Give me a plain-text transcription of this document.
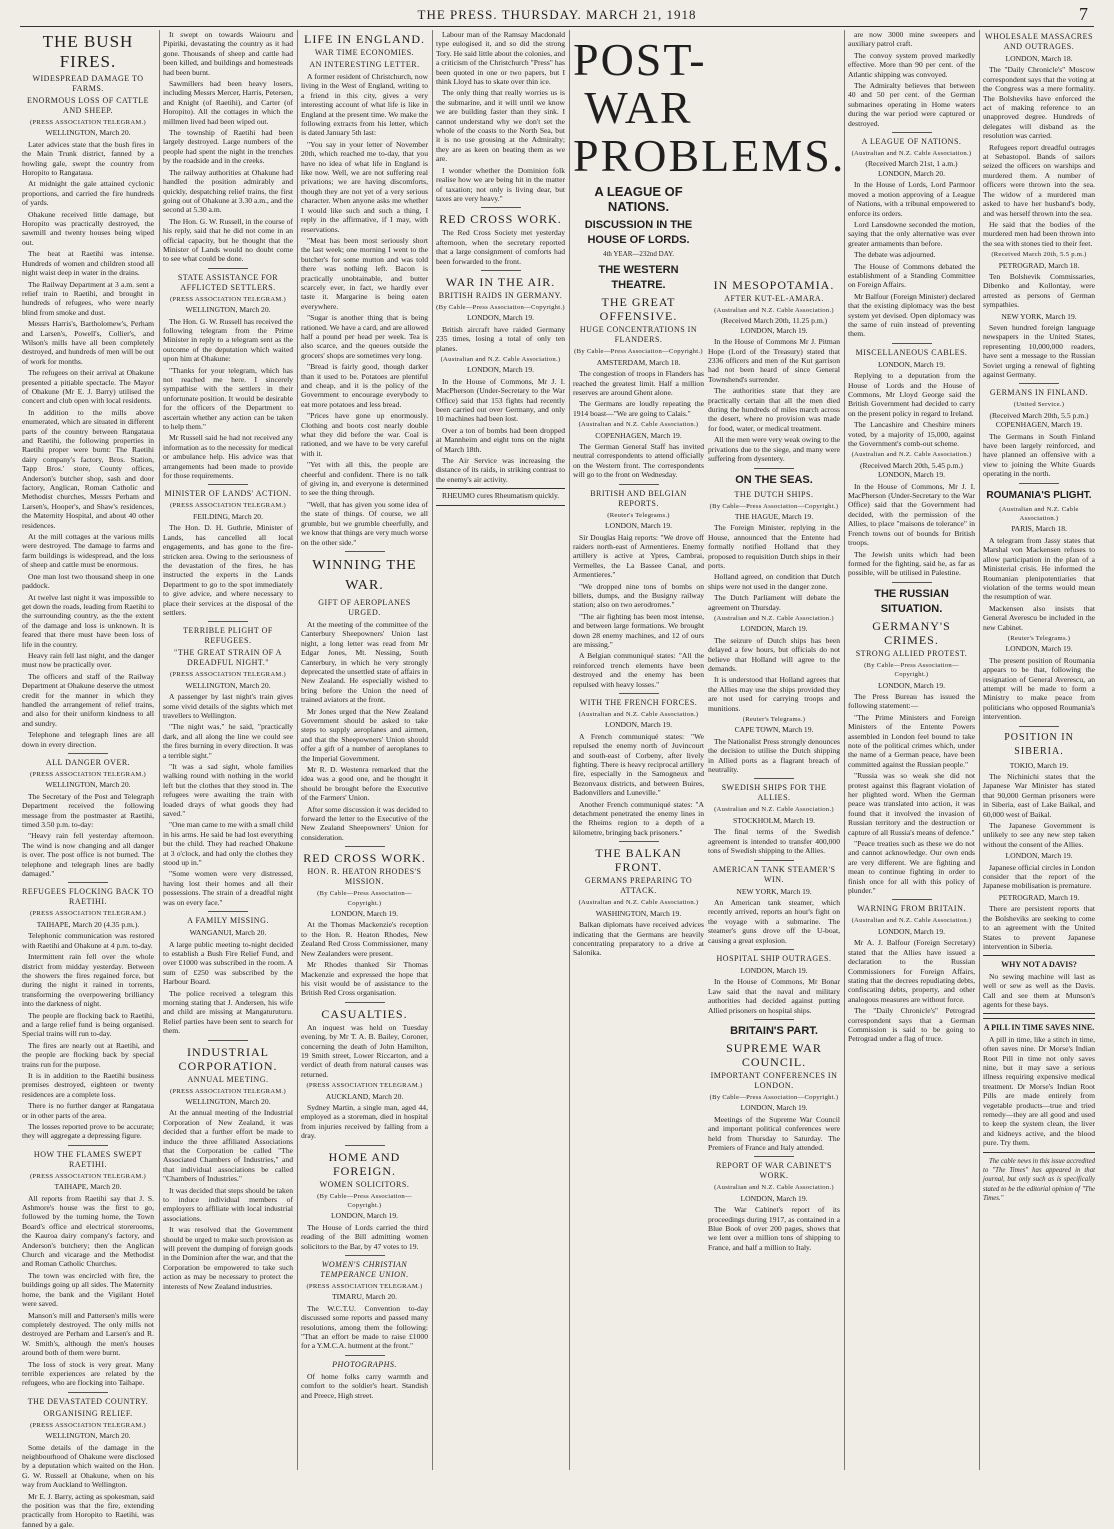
THE PRESS. THURSDAY. MARCH 21, 1918	7
THE BUSH FIRES.
WIDESPREAD DAMAGE TO FARMS.
ENORMOUS LOSS OF CATTLE AND SHEEP.
(PRESS ASSOCIATION TELEGRAM.)
WELLINGTON, March 20.

Later advices state that the bush fires in the Main Trunk district, fanned by a howling gale, swept the country from Horopito to Rangataua.

At midnight the gale attained cyclonic proportions, and carried the fire hundreds of yards.

Ohakune received little damage, but Horopito was practically destroyed, the sawmill and twenty houses being wiped out.

The heat at Raetihi was intense. Hundreds of women and children stood all night waist deep in water in the drains.

The Railway Department at 3 a.m. sent a relief train to Raetihi, and brought in hundreds of refugees, who were nearly blind from smoke and dust.

Messrs Harris's, Bartholomew's, Perham and Larsen's, Powell's, Collier's, and Wilson's mills have all been completely destroyed, and hundreds of men will be out of work for months.

The refugees on their arrival at Ohakune presented a pitiable spectacle. The Mayor of Ohakune (Mr E. J. Barry) utilised the concert and club open with local residents.

In addition to the mills above enumerated, which are situated in different parts of the country between Rangataua and Raetihi, the following properties in Raetihi proper were burnt: The Raetihi dairy company's factory, Bros. Station, Tapp Bros.' store, County offices, Anderson's butcher shop, sash and door factory, Anglican, Roman Catholic and Methodist churches, Messrs Perham and Larsen's, Hooper's, and Shaw's residences, the Maternity Hospital, and about 40 other residences.

At the mill cottages at the various mills were destroyed. The damage to farms and farm buildings is widespread, and the loss of sheep and cattle must be enormous.

One man lost two thousand sheep in one paddock.

At twelve last night it was impossible to get down the roads, leading from Raetihi to the surrounding country, as the the extent of the damage and loss is unknown. It is feared that there must have been loss of life in the country.

Heavy rain fell last night, and the danger must now be practically over.

The officers and staff of the Railway Department at Ohakune deserve the utmost credit for the manner in which they handled the arrangement of relief trains, and also for their uniform kindness to all and sundry.

Telephone and telegraph lines are all down in every direction.

ALL DANGER OVER.
(PRESS ASSOCIATION TELEGRAM.)
WELLINGTON, March 20.

The Secretary of the Post and Telegraph Department received the following message from the postmaster at Raetihi, timed 3.50 p.m. to-day:

"Heavy rain fell yesterday afternoon. The wind is now changing and all danger is over. The post office is not burned. The telephone and telegraph lines are badly damaged."

REFUGEES FLOCKING BACK TO RAETIHI.
(PRESS ASSOCIATION TELEGRAM.)
TAIHAPE, March 20 (4.35 p.m.).

Telephonic communication was restored with Raetihi and Ohakune at 4 p.m. to-day.

Intermittent rain fell over the whole district from midday yesterday. Between the showers the fires regained force, but during the night it rained in torrents, transforming the overpowering brilliancy into the darkness of night.

The people are flocking back to Raetihi, and a large relief fund is being organised. Special trains will run to-day.

The fires are nearly out at Raetihi, and the people are flocking back by special trains run for the purpose.

It is in addition to the Raetihi business premises destroyed, eighteen or twenty residences are a complete loss.

There is no further danger at Rangataua or in other parts of the area.

The losses reported prove to be accurate; they will aggregate a depressing figure.

HOW THE FLAMES SWEPT RAETIHI.
(PRESS ASSOCIATION TELEGRAM.)
TAIHAPE, March 20.

All reports from Raetihi say that J. S. Ashmore's house was the first to go, followed by the turning home, the Town Board's office and electrical storerooms, the Kauroa dairy company's factory, and Anderson's butchery; then the Anglican Church and vicarage and the Methodist and Roman Catholic Churches.

The town was encircled with fire, the buildings going up all sides. The Maternity home, the bank and the Vigilant Hotel were saved.

Manson's mill and Pattersen's mills were completely destroyed. The only mills not destroyed are Perham and Larsen's and R. W. Smith's, although the men's houses around both of them were burnt.

The loss of stock is very great. Many terrible experiences are related by the refugees, who are flocking into Taihape.

THE DEVASTATED COUNTRY.
ORGANISING RELIEF.
(PRESS ASSOCIATION TELEGRAM.)
WELLINGTON, March 20.

Some details of the damage in the neighbourhood of Ohakune were disclosed by a deputation which waited on the Hon. G. W. Russell at Ohakune, when on his way from Auckland to Wellington.

Mr E. J. Barry, acting as spokesman, said the position was that the fire, extending practically from Horopito to Raetihi, was fanned by a gale.

It swept on towards Waiouru and Pipiriki, devastating the country as it had gone. Thousands of sheep and cattle had been killed, and buildings and homesteads had been burnt.

Sawmillers had been heavy losers, including Messrs Mercer, Harris, Petersen, and Knight (of Raetihi), and Carter (of Horopito). All the cottages in which the millmen lived had been wiped out.

The township of Raetihi had been largely destroyed. Large numbers of the people had spent the night in the trenches by the roadside and in the creeks.

The railway authorities at Ohakune had handled the position admirably and quickly, despatching relief trains, the first going out of Ohakune at 3.30 a.m., and the second at 5.30 a.m.

The Hon. G. W. Russell, in the course of his reply, said that he did not come in an official capacity, but he thought that the Minister of Lands would no doubt come to see what could be done.

STATE ASSISTANCE FOR AFFLICTED SETTLERS.
(PRESS ASSOCIATION TELEGRAM.)
WELLINGTON, March 20.

The Hon. G. W. Russell has received the following telegram from the Prime Minister in reply to a telegram sent as the outcome of the deputation which waited upon him at Ohakune:

"Thanks for your telegram, which has not reached me here. I sincerely sympathise with the settlers in their unfortunate position. It would be desirable for the officers of the Department to ascertain whether any action can be taken to help them."

Mr Russell said he had not received any information as to the necessity for medical or ambulance help. His advice was that arrangements had been made to provide for those requirements.

MINISTER OF LANDS' ACTION.
(PRESS ASSOCIATION TELEGRAM.)
FEILDING, March 20.

The Hon. D. H. Guthrie, Minister of Lands, has cancelled all local engagements, and has gone to the fire-stricken area. Owing to the seriousness of the devastation of the fires, he has instructed the experts in the Lands Department to go to the spot immediately to give advice, and where necessary to place their services at the disposal of the settlers.

TERRIBLE PLIGHT OF REFUGEES.
"THE GREAT STRAIN OF A DREADFUL NIGHT."
(PRESS ASSOCIATION TELEGRAM.)
WELLINGTON, March 20.

A passenger by last night's train gives some vivid details of the sights which met travellers to Wellington.

"The night was," he said, "practically dark, and all along the line we could see the fires burning in every direction. It was a terrible sight."

"It was a sad sight, whole families walking round with nothing in the world left but the clothes that they stood in. The refugees were awaiting the train with loaded drays of what goods they had saved."

"One man came to me with a small child in his arms. He said he had lost everything but the child. They had reached Ohakune at 3 o'clock, and had only the clothes they stood up in."

"Some women were very distressed, having lost their homes and all their possessions. The strain of a dreadful night was on every face."

A FAMILY MISSING.
WANGANUI, March 20.

A large public meeting to-night decided to establish a Bush Fire Relief Fund, and over £1000 was subscribed in the room. A sum of £250 was subscribed by the Harbour Board.

The police received a telegram this morning stating that J. Andersen, his wife and child are missing at Mangaturuturu. Relief parties have been sent to search for them.

INDUSTRIAL CORPORATION.
ANNUAL MEETING.
(PRESS ASSOCIATION TELEGRAM.)
WELLINGTON, March 20.

At the annual meeting of the Industrial Corporation of New Zealand, it was decided that a further effort be made to induce the three affiliated Associations that the Corporation be called "The Associated Chambers of Industries," and that individual associations be called "Chambers of Industries."

It was decided that steps should be taken to induce individual members of employers to affiliate with local industrial associations.

It was resolved that the Government should be urged to make such provision as will prevent the dumping of foreign goods in the Dominion after the war, and that the Corporation be empowered to take such action as may be necessary to protect the interests of New Zealand industries.

LIFE IN ENGLAND.
WAR TIME ECONOMIES.
AN INTERESTING LETTER.

A former resident of Christchurch, now living in the West of England, writing to a friend in this city, gives a very interesting account of what life is like in England at the present time. We make the following extracts from his letter, which is dated January 5th last:

"You say in your letter of November 20th, which reached me to-day, that you have no idea of what life in England is like now. Well, we are not suffering real privations; we are having discomforts, though they are not yet of a very serious character. When anyone asks me whether I would like such and such a thing, I reply in the affirmative, if I may, with reservations.

"Meat has been most seriously short the last week; one morning I went to the butcher's for some mutton and was told there was nothing left. Bacon is practically unobtainable, and butter scarcely ever, in fact, we hardly ever taste it. Margarine is being eaten everywhere.

"Sugar is another thing that is being rationed. We have a card, and are allowed half a pound per head per week. Tea is also scarce, and the queues outside the grocers' shops are sometimes very long.

"Bread is fairly good, though darker than it used to be. Potatoes are plentiful and cheap, and it is the policy of the Government to encourage everybody to eat more potatoes and less bread.

"Prices have gone up enormously. Clothing and boots cost nearly double what they did before the war. Coal is rationed, and we have to be very careful with it.

"Yet with all this, the people are cheerful and confident. There is no talk of giving in, and everyone is determined to see the thing through.

"Well, that has given you some idea of the state of things. Of course, we all grumble, but we grumble cheerfully, and we know that things are very much worse on the other side."

WINNING THE WAR.
GIFT OF AEROPLANES URGED.

At the meeting of the committee of the Canterbury Sheepowners' Union last night, a long letter was read from Mr Edgar Jones, Mt. Nessing, South Canterbury, in which he very strongly deprecated the unsettled state of affairs in New Zealand. He especially wished to bring before the Union the need of trained aviators at the front.

Mr Jones urged that the New Zealand Government should be asked to take steps to supply aeroplanes and airmen, and that the Sheepowners' Union should offer a gift of a number of aeroplanes to the Imperial Government.

Mr R. D. Westenra remarked that the idea was a good one, and he thought it should be brought before the Executive of the Farmers' Union.

After some discussion it was decided to forward the letter to the Executive of the New Zealand Sheepowners' Union for consideration.

RED CROSS WORK.
HON. R. HEATON RHODES'S MISSION.
(By Cable—Press Association—Copyright.)
LONDON, March 19.

At the Thomas Mackenzie's reception to the Hon. R. Heaton Rhodes, New Zealand Red Cross Commissioner, many New Zealanders were present.

Mr Rhodes thanked Sir Thomas Mackenzie and expressed the hope that his visit would be of assistance to the British Red Cross organisation.

CASUALTIES.

An inquest was held on Tuesday evening, by Mr T. A. B. Bailey, Coroner, concerning the death of John Hamilton, 19 Smith street, Lower Riccarton, and a verdict of death from natural causes was returned.

(PRESS ASSOCIATION TELEGRAM.)
AUCKLAND, March 20.

Sydney Martin, a single man, aged 44, employed as a storeman, died in hospital from injuries received by falling from a dray.

HOME AND FOREIGN.
WOMEN SOLICITORS.
(By Cable—Press Association—Copyright.)
LONDON, March 19.

The House of Lords carried the third reading of the Bill admitting women solicitors to the Bar, by 47 votes to 19.

WOMEN'S CHRISTIAN TEMPERANCE UNION.
(PRESS ASSOCIATION TELEGRAM.)
TIMARU, March 20.

The W.C.T.U. Convention to-day discussed some reports and passed many resolutions, among them the following: "That an effort be made to raise £1000 for a Y.M.C.A. hutment at the front."

PHOTOGRAPHS.

Of home folks carry warmth and comfort to the soldier's heart. Standish and Preece, High street.

Labour man of the Ramsay Macdonald type eulogised it, and so did the strong Tory. He said little about the colonies, and a criticism of the Christchurch "Press" has been quoted in one or two papers, but I think Lloyd has to skate over thin ice.

The only thing that really worries us is the submarine, and it will until we know we are building faster than they sink. I cannot understand why we don't set the whole of the coasts to the North Sea, but it is no use grousing at the Admiralty; they are as keen on beating them as we are.

I wonder whether the Dominion folk realise how we are being hit in the matter of taxation; not only is living dear, but taxes are very heavy."

RED CROSS WORK.

The Red Cross Society met yesterday afternoon, when the secretary reported that a large consignment of comforts had been forwarded to the front.

WAR IN THE AIR.
BRITISH RAIDS IN GERMANY.
(By Cable—Press Association—Copyright.)
LONDON, March 19.

British aircraft have raided Germany 235 times, losing a total of only ten planes.

(Australian and N.Z. Cable Association.)
LONDON, March 19.

In the House of Commons, Mr J. I. MacPherson (Under-Secretary to the War Office) said that 153 fights had recently been carried out over Germany, and only 10 machines had been lost.

Over a ton of bombs had been dropped at Mannheim and eight tons on the night of March 18th.

The Air Service was increasing the distance of its raids, in striking contrast to the enemy's air activity.

RHEUMO cures Rheumatism quickly.

POST-WAR PROBLEMS.
A LEAGUE OF NATIONS.
DISCUSSION IN THE HOUSE OF LORDS.
4th YEAR—232nd DAY.
THE WESTERN THEATRE.
THE GREAT OFFENSIVE.
HUGE CONCENTRATIONS IN FLANDERS.
(By Cable—Press Association—Copyright.)
AMSTERDAM, March 18.

The congestion of troops in Flanders has reached the greatest limit. Half a million reserves are around Ghent alone.

The Germans are loudly repeating the 1914 boast—"We are going to Calais."

(Australian and N.Z. Cable Association.)
COPENHAGEN, March 19.

The German General Staff has invited neutral correspondents to attend officially on the Western front. The correspondents will go to the front on Wednesday.

BRITISH AND BELGIAN REPORTS.
(Reuter's Telegrams.)
LONDON, March 19.

Sir Douglas Haig reports: "We drove off raiders north-east of Armentieres. Enemy artillery is active at Ypres, Cambrai, Vermelles, the La Bassee Canal, and Armentieres."

"We dropped nine tons of bombs on billets, dumps, and the Busigny railway station; also on two aerodromes."

"The air fighting has been most intense, and between large formations. We brought down 28 enemy machines, and 12 of ours are missing."

A Belgian communiqué states: "All the reinforced trench elements have been destroyed and the enemy has been repulsed with heavy losses."

WITH THE FRENCH FORCES.
(Australian and N.Z. Cable Association.)
LONDON, March 19.

A French communiqué states: "We repulsed the enemy north of Juvincourt and south-east of Corbeny, after lively fighting. There is heavy reciprocal artillery fire, especially in the Samogneux and Bezonvaux districts, and between Buires, Badonvillers and Luneville."

Another French communiqué states: "A detachment penetrated the enemy lines in the Rheims region to a depth of a kilometre, bringing back prisoners."

THE BALKAN FRONT.
GERMANS PREPARING TO ATTACK.
(Australian and N.Z. Cable Association.)
WASHINGTON, March 19.

Balkan diplomats have received advices indicating that the Germans are heavily concentrating preparatory to a drive at Salonika.

IN MESOPOTAMIA.
AFTER KUT-EL-AMARA.
(Australian and N.Z. Cable Association.)
(Received March 20th, 11.25 p.m.) LONDON, March 19.

In the House of Commons Mr J. Pitman Hope (Lord of the Treasury) stated that 2336 officers and men of the Kut garrison had not been heard of since General Townshend's surrender.

The authorities state that they are practically certain that all the men died during the hundreds of miles march across the desert, where no provision was made for food, water, or medical treatment.

All the men were very weak owing to the privations due to the siege, and many were suffering from dysentery.

ON THE SEAS.
THE DUTCH SHIPS.
(By Cable—Press Association—Copyright.)
THE HAGUE, March 19.

The Foreign Minister, replying in the House, announced that the Entente had formally notified Holland that they proposed to requisition Dutch ships in their ports.

Holland agreed, on condition that Dutch ships were not used in the danger zone.

The Dutch Parliament will debate the agreement on Thursday.

(Australian and N.Z. Cable Association.)
LONDON, March 19.

The seizure of Dutch ships has been delayed a few hours, but officials do not believe that Holland will agree to the demands.

It is understood that Holland agrees that the Allies may use the ships provided they are not used for carrying troops and munitions.

(Reuter's Telegrams.)
CAPE TOWN, March 19.

The Nationalist Press strongly denounces the decision to utilise the Dutch shipping in Allied ports as a flagrant breach of neutrality.

SWEDISH SHIPS FOR THE ALLIES.
(Australian and N.Z. Cable Association.)
STOCKHOLM, March 19.

The final terms of the Swedish agreement is intended to transfer 400,000 tons of Swedish shipping to the Allies.

AMERICAN TANK STEAMER'S WIN.
NEW YORK, March 19.

An American tank steamer, which recently arrived, reports an hour's fight on the voyage with a submarine. The steamer's guns drove off the U-boat, causing a great explosion.

HOSPITAL SHIP OUTRAGES.
LONDON, March 19.

In the House of Commons, Mr Bonar Law said that the naval and military authorities had decided against putting Allied prisoners on hospital ships.

BRITAIN'S PART.
SUPREME WAR COUNCIL.
IMPORTANT CONFERENCES IN LONDON.
(By Cable—Press Association—Copyright.)
LONDON, March 19.

Meetings of the Supreme War Council and important political conferences were held from Thursday to Saturday. The Premiers of France and Italy attended.

REPORT OF WAR CABINET'S WORK.
(Australian and N.Z. Cable Association.)
LONDON, March 19.

The War Cabinet's report of its proceedings during 1917, as contained in a Blue Book of over 200 pages, shows that we lent over a million tons of shipping to France, and half a million to Italy.

are now 3000 mine sweepers and auxiliary patrol craft.

The convoy system proved markedly effective. More than 90 per cent. of the Atlantic shipping was convoyed.

The Admiralty believes that between 40 and 50 per cent. of the German submarines operating in Home waters during the war period were captured or destroyed.

A LEAGUE OF NATIONS.
(Australian and N.Z. Cable Association.)
(Received March 21st, 1 a.m.) LONDON, March 20.

In the House of Lords, Lord Parmoor moved a motion approving of a League of Nations, with a tribunal empowered to enforce its orders.

Lord Lansdowne seconded the motion, saying that the only alternative was ever greater armaments than before.

The debate was adjourned.

The House of Commons debated the establishment of a Standing Committee on Foreign Affairs.

Mr Balfour (Foreign Minister) declared that the existing diplomacy was the best system yet devised. Open diplomacy was the same of ruin instead of preventing them.

MISCELLANEOUS CABLES.
LONDON, March 19.

Replying to a deputation from the House of Lords and the House of Commons, Mr Lloyd George said the British Government had decided to carry on the present policy in regard to Ireland.

The Lancashire and Cheshire miners voted, by a majority of 15,000, against the Government's comb-out scheme.

(Australian and N.Z. Cable Association.)
(Received March 20th, 5.45 p.m.) LONDON, March 19.

In the House of Commons, Mr J. I. MacPherson (Under-Secretary to the War Office) said that the Government had decided, with the permission of the Allies, to place "maisons de tolerance" in French towns out of bounds for British troops.

The Jewish units which had been formed for the fighting, said he, as far as possible, will be utilised in Palestine.

THE RUSSIAN SITUATION.
GERMANY'S CRIMES.
STRONG ALLIED PROTEST.
(By Cable—Press Association—Copyright.)
LONDON, March 19.

The Press Bureau has issued the following statement:—

"The Prime Ministers and Foreign Ministers of the Entente Powers assembled in London feel bound to take note of the political crimes which, under the name of a German peace, have been committed against the Russian people."

"Russia was so weak she did not protest against this flagrant violation of her plighted word. When the German peace was translated into action, it was found that it involved the invasion of Russian territory and the destruction or capture of all Russia's means of defence."

"Peace treaties such as these we do not and cannot acknowledge. Our own ends are very different. We are fighting and mean to continue fighting in order to finish once for all with this policy of plunder."

WARNING FROM BRITAIN.
(Australian and N.Z. Cable Association.)
LONDON, March 19.

Mr A. J. Balfour (Foreign Secretary) stated that the Allies have issued a declaration to the Russian Commissioners for Foreign Affairs, stating that the decrees repudiating debts, confiscating debts, property, and other analogous measures are without force.

The "Daily Chronicle's" Petrograd correspondent says that a German Commission is said to be going to Petrograd under a flag of truce.

WHOLESALE MASSACRES AND OUTRAGES.
LONDON, March 18.

The "Daily Chronicle's" Moscow correspondent says that the voting at the Congress was a mere formality. The Bolsheviks have enforced the act of making reference to an unapproved degree. Hundreds of delegates will disband as the resolution was carried.

Refugees report dreadful outrages at Sebastopol. Bands of sailors seized the officers on warships and murdered them. A number of officers were thrown into the sea. The widow of a murdered man asked to have her husband's body, and was herself thrown into the sea.

He said that the bodies of the murdered men had been thrown into the sea with stones tied to their feet.

(Received March 20th, 5.5 p.m.)
PETROGRAD, March 18.

Ten Bolshevik Commissaries, Dibenko and Kollontay, were arrested as persons of German sympathies.

NEW YORK, March 19.

Seven hundred foreign language newspapers in the United States, representing 10,000,000 readers, have sent a message to the Russian Soviet urging a renewal of fighting against Germany.

GERMANS IN FINLAND.
(United Service.)
(Received March 20th, 5.5 p.m.) COPENHAGEN, March 19.

The Germans in South Finland have been largely reinforced, and have planned an offensive with a view to joining the White Guards operating in the north.

ROUMANIA'S PLIGHT.
(Australian and N.Z. Cable Association.)
PARIS, March 18.

A telegram from Jassy states that Marshal von Mackensen refuses to allow participation in the plan of a Ministerial crisis. He informed the Roumanian plenipotentiaries that violation of the terms would mean the resumption of war.

Mackensen also insists that General Averescu be included in the new Cabinet.

(Reuter's Telegrams.)
LONDON, March 19.

The present position of Roumania appears to be that, following the resignation of General Averescu, an attempt will be made to form a Ministry to make peace from politicians who opposed Roumania's intervention.

POSITION IN SIBERIA.
TOKIO, March 19.

The Nichinichi states that the Japanese War Minister has stated that 90,000 German prisoners were in Siberia, east of Lake Baikal, and 60,000 west of Baikal.

The Japanese Government is unlikely to see any new step taken without the consent of the Allies.

LONDON, March 19.

Japanese official circles in London consider that the report of the Japanese mobilisation is premature.

PETROGRAD, March 19.

There are persistent reports that the Bolsheviks are seeking to come to an agreement with the United States to prevent Japanese intervention in Siberia.

WHY NOT A DAVIS?

No sewing machine will last as well or sew as well as the Davis. Call and see them at Munson's agents for these bays.

A PILL IN TIME SAVES NINE.

A pill in time, like a stitch in time, often saves nine. Dr Morse's Indian Root Pill in time not only saves nine, but it may save a serious illness requiring expensive medical treatment. Dr Morse's Indian Root Pills are made entirely from vegetable products—true and tried remedy—they are all good and used to keep the system clean, the liver and kidneys active, and the blood pure. Try them.

The cable news in this issue accredited to "The Times" has appeared in that journal, but only such as is specifically stated to be the editorial opinion of "The Times."
